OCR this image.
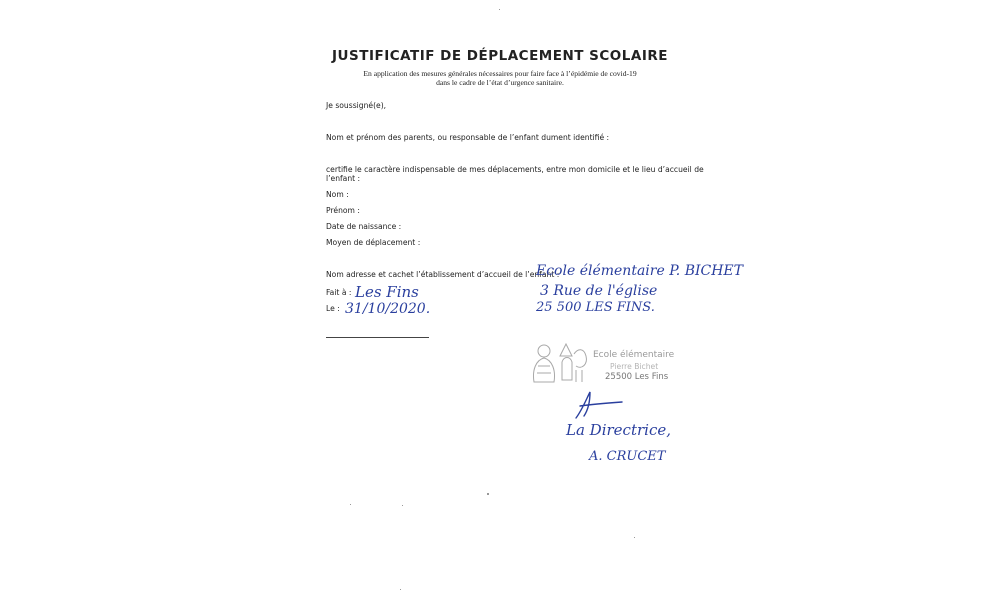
JUSTIFICATIF DE DÉPLACEMENT SCOLAIRE
En application des mesures générales nécessaires pour faire face à l’épidémie de covid-19
dans le cadre de l’état d’urgence sanitaire.
Je soussigné(e),
Nom et prénom des parents, ou responsable de l’enfant dument identifié :
certifie le caractère indispensable de mes déplacements, entre mon domicile et le lieu d’accueil de
l’enfant :
Nom :
Prénom :
Date de naissance :
Moyen de déplacement :
Nom adresse et cachet l’établissement d’accueil de l’enfant :
Fait à :
Le :
Ecole élémentaire P. BICHET
3 Rue de l'église
25 500 LES FINS.
Les Fins
31/10/2020.
Ecole élémentaire
Pierre Bichet
25500 Les Fins
La Directrice,
A. CRUCET
